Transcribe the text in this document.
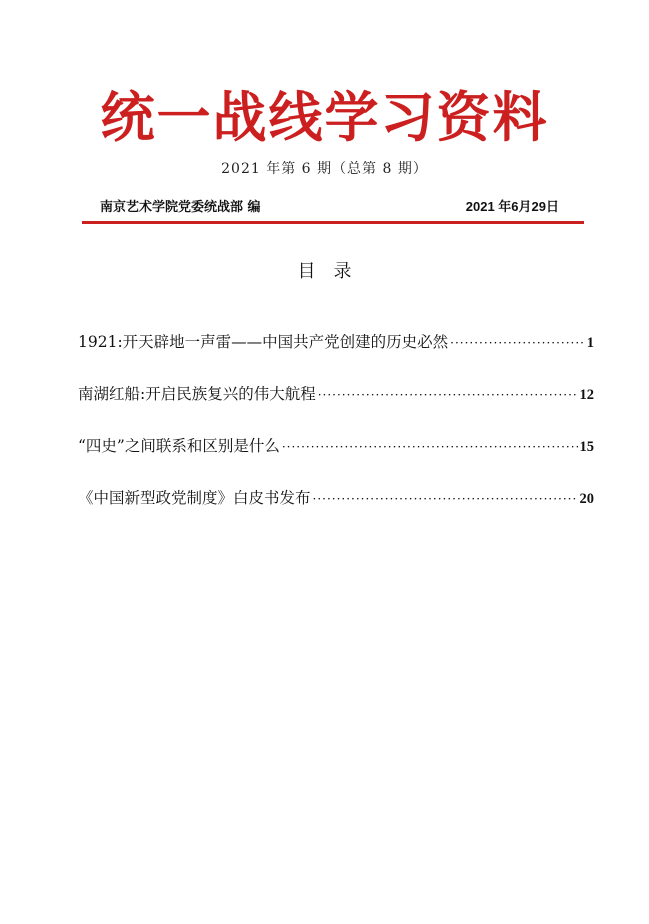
统一战线学习资料
2021 年第 6 期（总第 8 期）
南京艺术学院党委统战部 编	2021 年6月29日
目录
1921:开天辟地一声雷——中国共产党创建的历史必然 ·····	1
南湖红船:开启民族复兴的伟大航程 ·····	12
“四史”之间联系和区别是什么 ·····	15
《中国新型政党制度》白皮书发布 ·····	20
